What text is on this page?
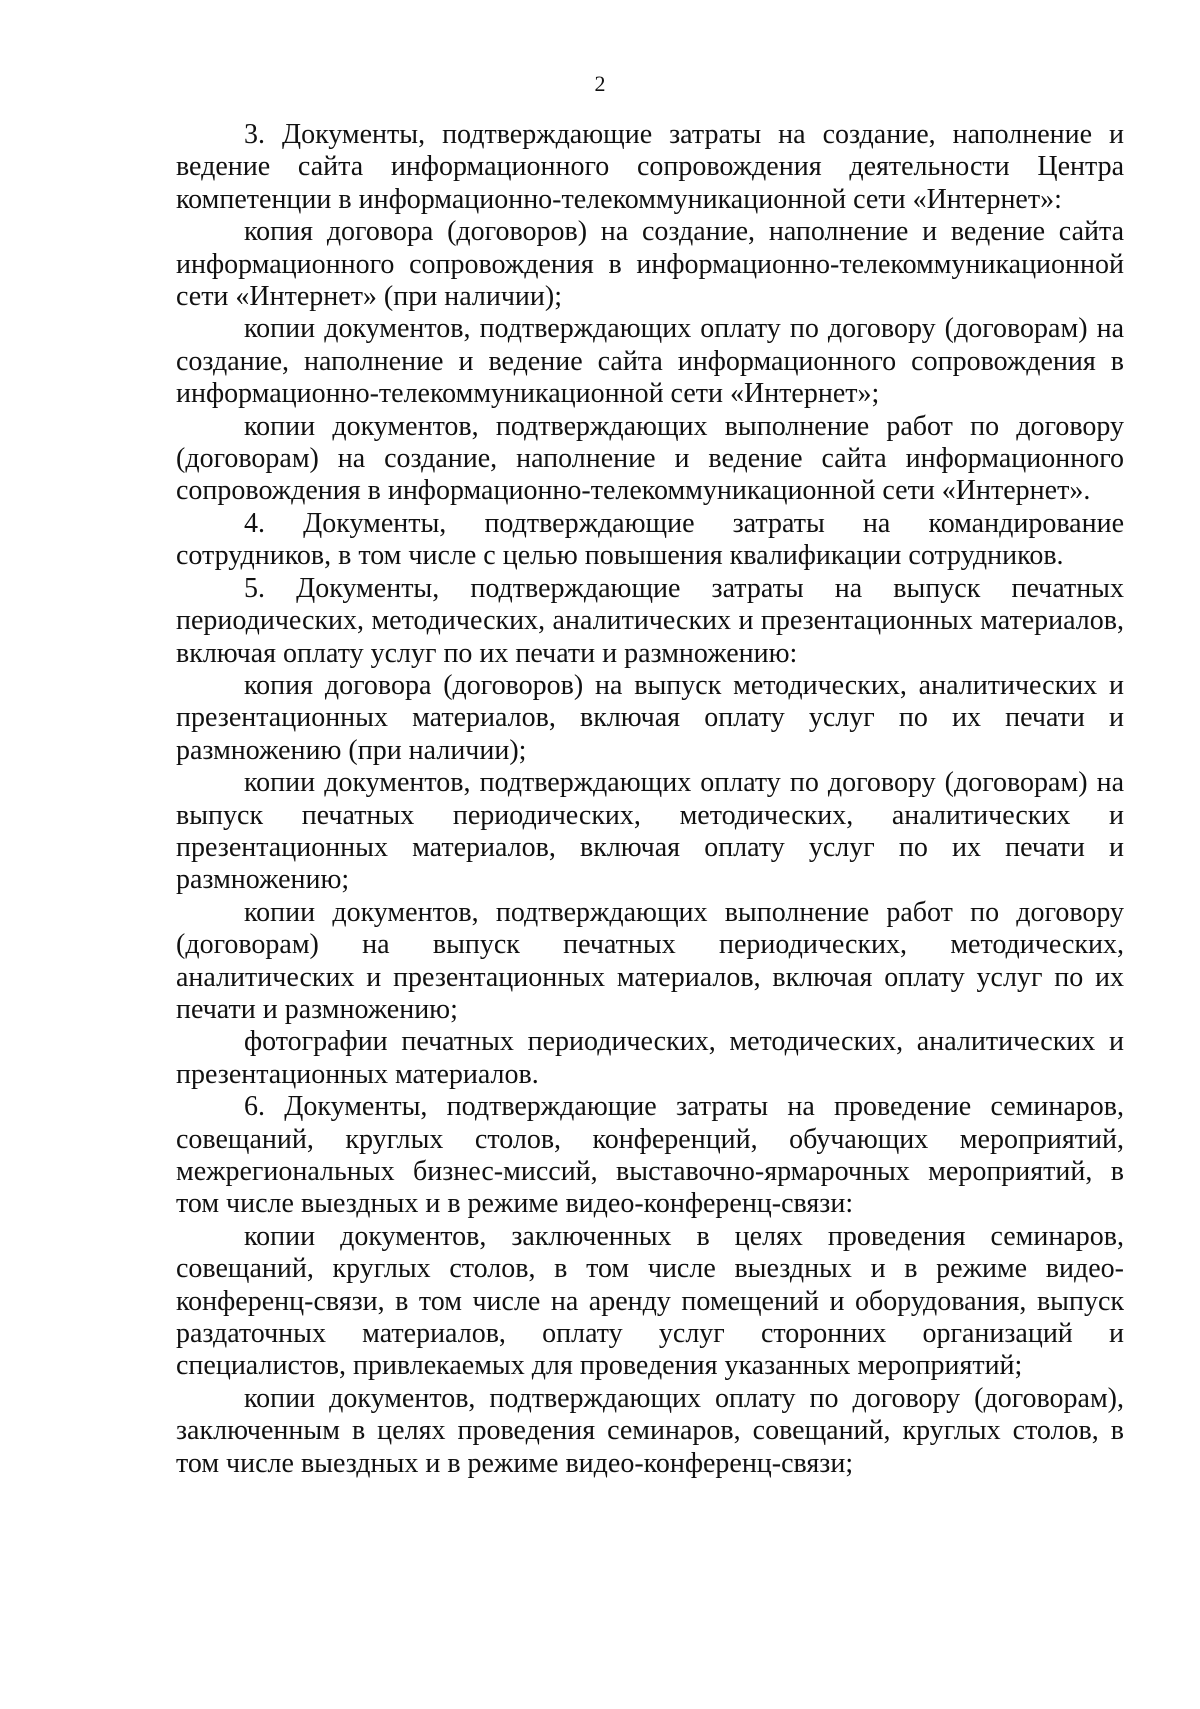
2

3. Документы, подтверждающие затраты на создание, наполнение и ведение сайта информационного сопровождения деятельности Центра компетенции в информационно-телекоммуникационной сети «Интернет»:

копия договора (договоров) на создание, наполнение и ведение сайта информационного сопровождения в информационно-телекоммуникационной сети «Интернет» (при наличии);

копии документов, подтверждающих оплату по договору (договорам) на создание, наполнение и ведение сайта информационного сопровождения в информационно-телекоммуникационной сети «Интернет»;

копии документов, подтверждающих выполнение работ по договору (договорам) на создание, наполнение и ведение сайта информационного сопровождения в информационно-телекоммуникационной сети «Интернет».

4. Документы, подтверждающие затраты на командирование сотрудников, в том числе с целью повышения квалификации сотрудников.

5. Документы, подтверждающие затраты на выпуск печатных периодических, методических, аналитических и презентационных материалов, включая оплату услуг по их печати и размножению:

копия договора (договоров) на выпуск методических, аналитических и презентационных материалов, включая оплату услуг по их печати и размножению (при наличии);

копии документов, подтверждающих оплату по договору (договорам) на выпуск печатных периодических, методических, аналитических и презентационных материалов, включая оплату услуг по их печати и размножению;

копии документов, подтверждающих выполнение работ по договору (договорам) на выпуск печатных периодических, методических, аналитических и презентационных материалов, включая оплату услуг по их печати и размножению;

фотографии печатных периодических, методических, аналитических и презентационных материалов.

6. Документы, подтверждающие затраты на проведение семинаров, совещаний, круглых столов, конференций, обучающих мероприятий, межрегиональных бизнес-миссий, выставочно-ярмарочных мероприятий, в том числе выездных и в режиме видео-конференц-связи:

копии документов, заключенных в целях проведения семинаров, совещаний, круглых столов, в том числе выездных и в режиме видео-конференц-связи, в том числе на аренду помещений и оборудования, выпуск раздаточных материалов, оплату услуг сторонних организаций и специалистов, привлекаемых для проведения указанных мероприятий;

копии документов, подтверждающих оплату по договору (договорам), заключенным в целях проведения семинаров, совещаний, круглых столов, в том числе выездных и в режиме видео-конференц-связи;
